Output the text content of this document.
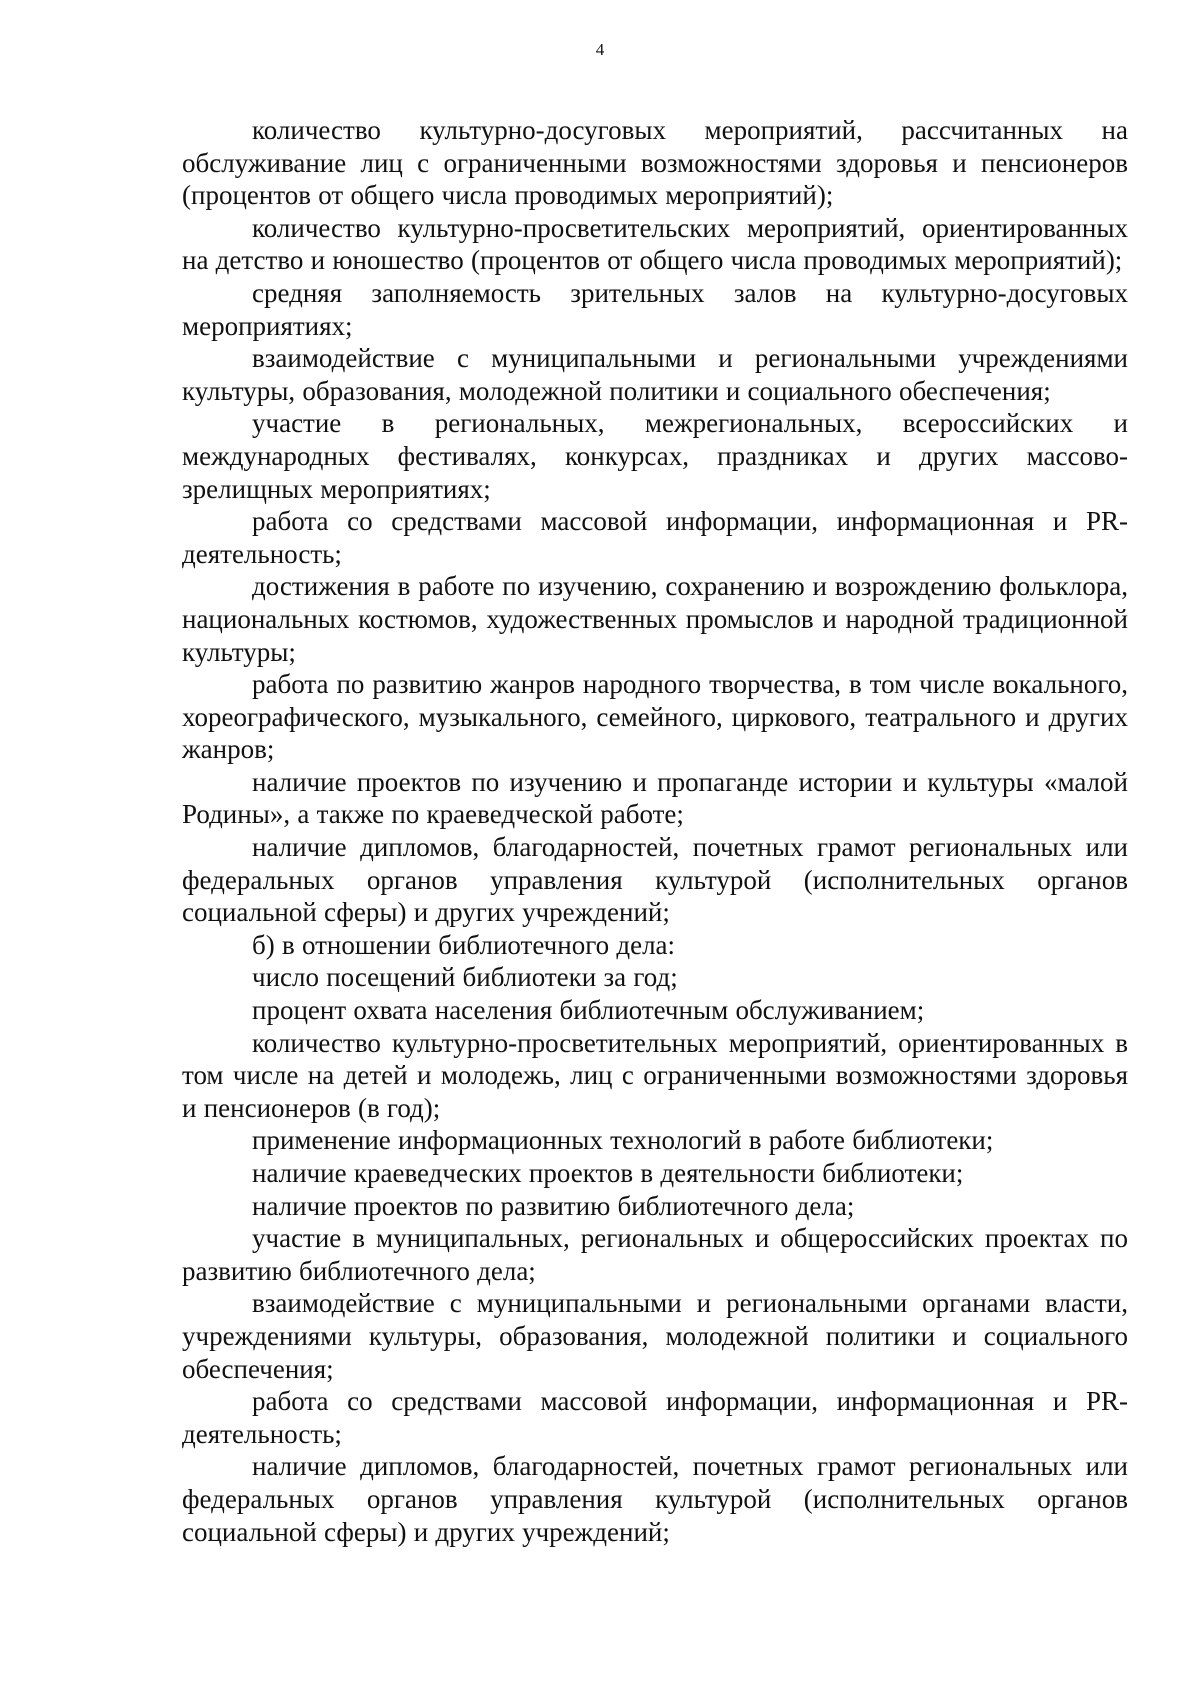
4

количество культурно-досуговых мероприятий, рассчитанных на обслуживание лиц с ограниченными возможностями здоровья и пенсионеров (процентов от общего числа проводимых мероприятий);

количество культурно-просветительских мероприятий, ориентированных на детство и юношество (процентов от общего числа проводимых мероприятий);

средняя заполняемость зрительных залов на культурно-досуговых мероприятиях;

взаимодействие с муниципальными и региональными учреждениями культуры, образования, молодежной политики и социального обеспечения;

участие в региональных, межрегиональных, всероссийских и международных фестивалях, конкурсах, праздниках и других массово-зрелищных мероприятиях;

работа со средствами массовой информации, информационная и PR-деятельность;

достижения в работе по изучению, сохранению и возрождению фольклора, национальных костюмов, художественных промыслов и народной традиционной культуры;

работа по развитию жанров народного творчества, в том числе вокального, хореографического, музыкального, семейного, циркового, театрального и других жанров;

наличие проектов по изучению и пропаганде истории и культуры «малой Родины», а также по краеведческой работе;

наличие дипломов, благодарностей, почетных грамот региональных или федеральных органов управления культурой (исполнительных органов социальной сферы) и других учреждений;

б) в отношении библиотечного дела:

число посещений библиотеки за год;

процент охвата населения библиотечным обслуживанием;

количество культурно-просветительных мероприятий, ориентированных в том числе на детей и молодежь, лиц с ограниченными возможностями здоровья и пенсионеров (в год);

применение информационных технологий в работе библиотеки;

наличие краеведческих проектов в деятельности библиотеки;

наличие проектов по развитию библиотечного дела;

участие в муниципальных, региональных и общероссийских проектах по развитию библиотечного дела;

взаимодействие с муниципальными и региональными органами власти, учреждениями культуры, образования, молодежной политики и социального обеспечения;

работа со средствами массовой информации, информационная и PR-деятельность;

наличие дипломов, благодарностей, почетных грамот региональных или федеральных органов управления культурой (исполнительных органов социальной сферы) и других учреждений;
